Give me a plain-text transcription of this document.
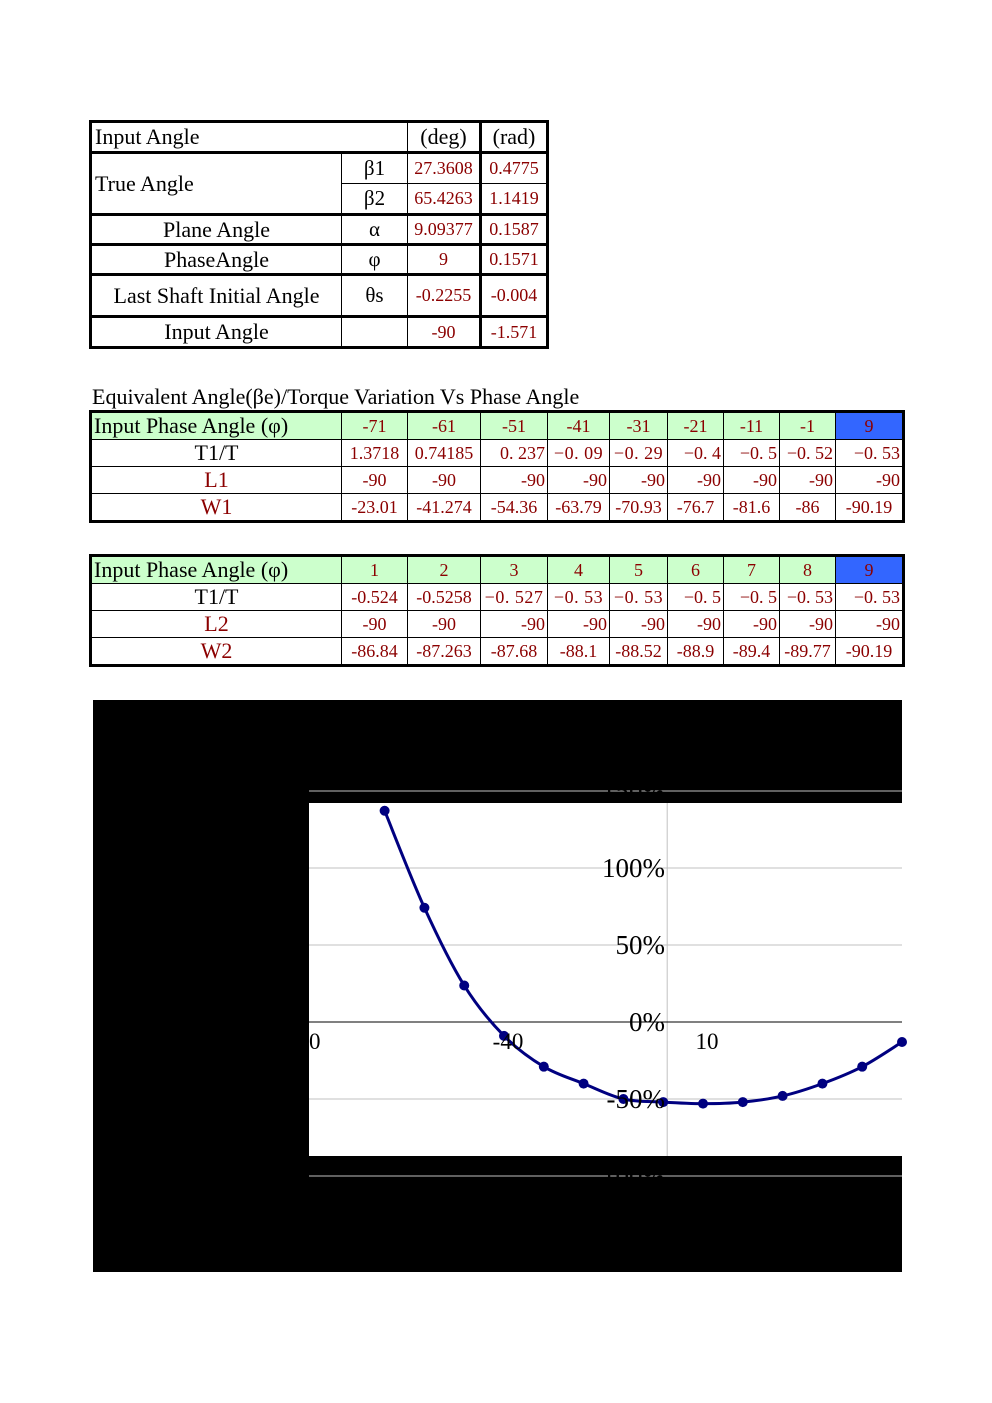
Input Angle		(deg)	(rad)
True Angle	β1	27.3608	0.4775
	β2	65.4263	1.1419
Plane Angle	α	9.09377	0.1587
PhaseAngle	φ	9	0.1571
Last Shaft Initial Angle	θs	-0.2255	-0.004
Input Angle		-90	-1.571
Equivalent Angle(βe)/Torque Variation Vs Phase Angle
Input Phase Angle (φ)	-71	-61	-51	-41	-31	-21	-11	-1	9
T1/T	1.3718	0.74185	0. 237	−0. 09	−0. 29	−0. 4	−0. 5	−0. 52	−0. 53
L1	-90	-90	-90	-90	-90	-90	-90	-90	-90
W1	-23.01	-41.274	-54.36	-63.79	-70.93	-76.7	-81.6	-86	-90.19
Input Phase Angle (φ)	1	2	3	4	5	6	7	8	9
T1/T	-0.524	-0.5258	−0. 527	−0. 53	−0. 53	−0. 5	−0. 5	−0. 53	−0. 53
L2	-90	-90	-90	-90	-90	-90	-90	-90	-90
W2	-86.84	-87.263	-87.68	-88.1	-88.52	-88.9	-89.4	-89.77	-90.19
150%
100%
50%
0%
-50%
-100%
90	-40	10
